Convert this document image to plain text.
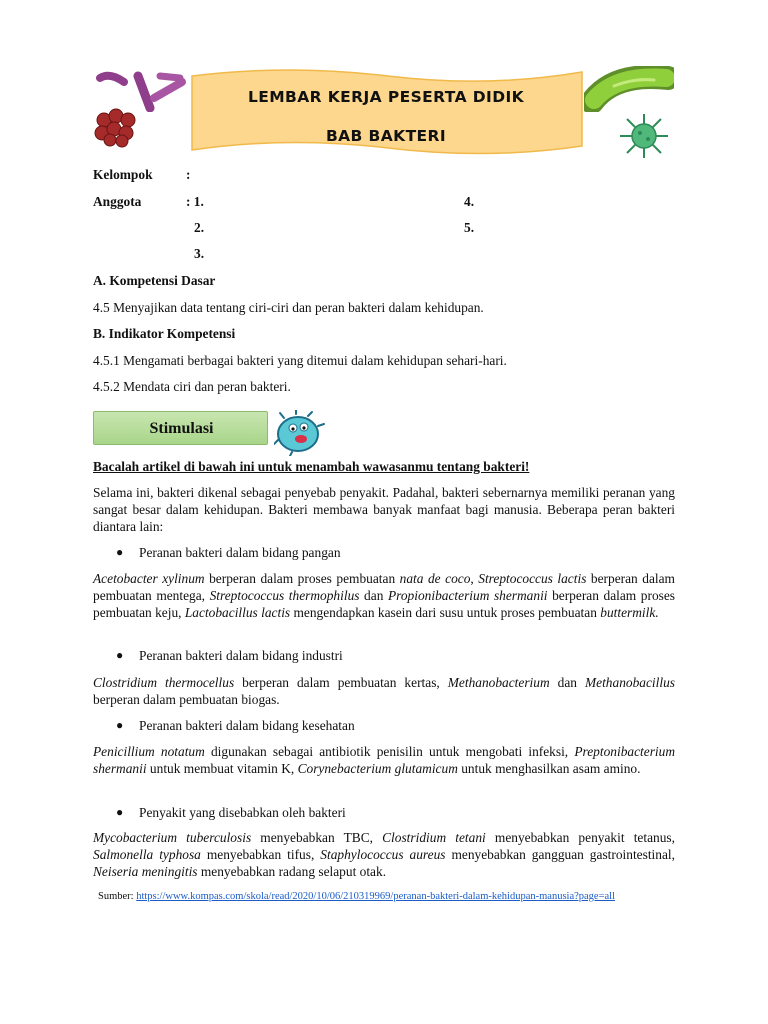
LEMBAR KERJA PESERTA DIDIK
BAB BAKTERI
Kelompok :
Anggota	: 1.
2.
3.
4.
5.
A. Kompetensi Dasar
4.5 Menyajikan data tentang ciri-ciri dan peran bakteri dalam kehidupan.
B. Indikator Kompetensi
4.5.1 Mengamati berbagai bakteri yang ditemui dalam kehidupan sehari-hari.
4.5.2 Mendata ciri dan peran bakteri.
Stimulasi
Bacalah artikel di bawah ini untuk menambah wawasanmu tentang bakteri!
Selama ini, bakteri dikenal sebagai penyebab penyakit. Padahal, bakteri sebernarnya memiliki peranan yang sangat besar dalam kehidupan. Bakteri membawa banyak manfaat bagi manusia. Beberapa peran bakteri diantara lain:
● Peranan bakteri dalam bidang pangan
Acetobacter xylinum berperan dalam proses pembuatan nata de coco, Streptococcus lactis berperan dalam pembuatan mentega, Streptococcus thermophilus dan Propionibacterium shermanii berperan dalam proses pembuatan keju, Lactobacillus lactis mengendapkan kasein dari susu untuk proses pembuatan buttermilk.
● Peranan bakteri dalam bidang industri
Clostridium thermocellus berperan dalam pembuatan kertas, Methanobacterium dan Methanobacillus berperan dalam pembuatan biogas.
● Peranan bakteri dalam bidang kesehatan
Penicillium notatum digunakan sebagai antibiotik penisilin untuk mengobati infeksi, Preptonibacterium shermanii untuk membuat vitamin K, Corynebacterium glutamicum untuk menghasilkan asam amino.
● Penyakit yang disebabkan oleh bakteri
Mycobacterium tuberculosis menyebabkan TBC, Clostridium tetani menyebabkan penyakit tetanus, Salmonella typhosa menyebabkan tifus, Staphylococcus aureus menyebabkan gangguan gastrointestinal, Neiseria meningitis menyebabkan radang selaput otak.
Sumber: https://www.kompas.com/skola/read/2020/10/06/210319969/peranan-bakteri-dalam-kehidupan-manusia?page=all
